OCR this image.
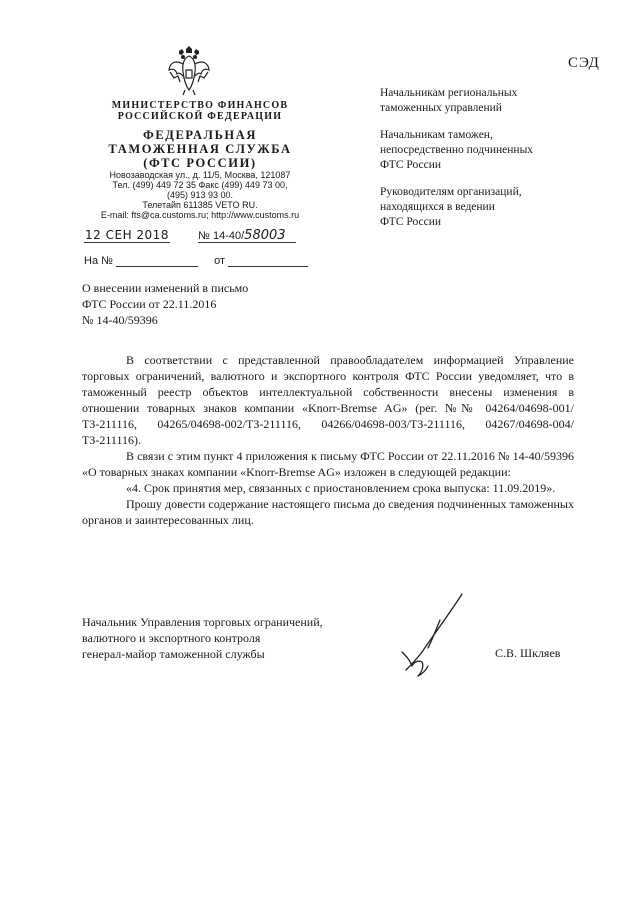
СЭД
МИНИСТЕРСТВО ФИНАНСОВ
РОССИЙСКОЙ ФЕДЕРАЦИИ
ФЕДЕРАЛЬНАЯ
ТАМОЖЕННАЯ СЛУЖБА
(ФТС РОССИИ)
Новозаводская ул., д. 11/5, Москва, 121087
Тел. (499) 449 72 35 Факс (499) 449 73 00,
(495) 913 93 00.
Телетайп 611385 VETO RU.
E-mail: fts@ca.customs.ru; http://www.customs.ru
12 СЕН 2018	№ 14-40/58003
На №	от
Начальникам региональных
таможенных управлений
Начальникам таможен,
непосредственно подчиненных
ФТС России
Руководителям организаций,
находящихся в ведении
ФТС России
О внесении изменений в письмо
ФТС России от 22.11.2016
№ 14-40/59396

В соответствии с представленной правообладателем информацией Управление торговых ограничений, валютного и экспортного контроля ФТС России уведомляет, что в таможенный реестр объектов интеллектуальной собственности внесены изменения в отношении товарных знаков компании «Knorr-Bremse AG» (рег. №№ 04264/04698-001/ТЗ-211116, 04265/04698-002/ТЗ-211116, 04266/04698-003/ТЗ-211116, 04267/04698-004/ТЗ-211116).

В связи с этим пункт 4 приложения к письму ФТС России от 22.11.2016 № 14-40/59396 «О товарных знаках компании «Knorr-Bremse AG» изложен в следующей редакции:

«4. Срок принятия мер, связанных с приостановлением срока выпуска: 11.09.2019».

Прошу довести содержание настоящего письма до сведения подчиненных таможенных органов и заинтересованных лиц.

Начальник Управления торговых ограничений,
валютного и экспортного контроля
генерал-майор таможенной службы	С.В. Шкляев
